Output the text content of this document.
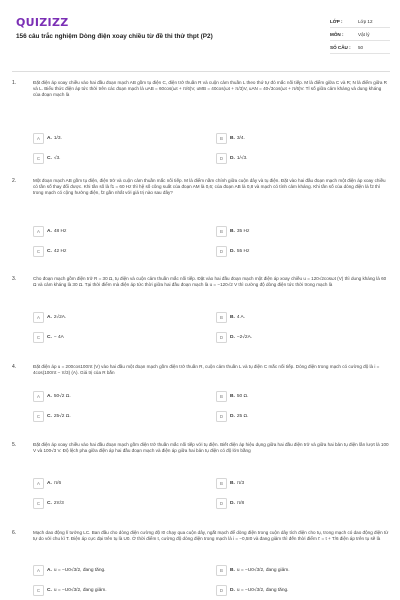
QUIZIZZ
156 câu trắc nghiệm Dòng điện xoay chiều từ đề thi thử thpt (P2)
LỚP :	Lớp 12
MÔN :	Vật lý
SỐ CÂU :	50
1.	Đặt điện áp xoay chiều vào hai đầu đoạn mạch AB gồm tụ điện C, điện trở thuần R và cuộn cảm thuần L theo thứ tự đó mắc nối tiếp. M là điểm giữa C và R; N là điểm giữa R và L. Biểu thức điện áp tức thời trên các đoạn mạch là uAB = 60cos(ωt + π/6)V, uMB = 40cos(ωt + π/3)V, uAN = 40√3cos(ωt + π/6)V. Tỉ số giữa cảm kháng và dung kháng của đoạn mạch là
A	A. 1/3.	B	B. 3/4.
C	C. √3.	D	D. 1/√3.
2.	Một đoạn mạch AB gồm tụ điện, điện trở và cuộn cảm thuần mắc nối tiếp. M là điểm nằm chính giữa cuộn dây và tụ điện. Đặt vào hai đầu đoạn mạch một điện áp xoay chiều có tần số thay đổi được. Khi tần số là f1 = 60 Hz thì hệ số công suất của đoạn AM là 0,6; của đoạn AB là 0,8 và mạch có tính cảm kháng. Khi tần số của dòng điện là f2 thì trong mạch có cộng hưởng điện, f2 gần nhất với giá trị nào sau đây?
A	A. 48 Hz	B	B. 35 Hz
C	C. 42 Hz	D	D. 55 Hz
3.	Cho đoạn mạch gồm điện trở R = 30 Ω, tụ điện và cuộn cảm thuần mắc nối tiếp. Đặt vào hai đầu đoạn mạch một điện áp xoay chiều u = 120√2cosωt (V) thì dung kháng là 60 Ω và cảm kháng là 30 Ω. Tại thời điểm mà điện áp tức thời giữa hai đầu đoạn mạch là u = −120√2 V thì cường độ dòng điện tức thời trong mạch là
A	A. 2√2A.	B	B. 4 A.
C	C. − 4A	D	D. −2√2A.
4.	Đặt điện áp u = 200cos100πt (V) vào hai đầu một đoạn mạch gồm điện trở thuần R, cuộn cảm thuần L và tụ điện C mắc nối tiếp. Dòng điện trong mạch có cường độ là i = 4cos(100πt − π/3) (A). Giá trị của R bằn
A	A. 50√2 Ω.	B	B. 50 Ω.
C	C. 25√2 Ω.	D	D. 25 Ω.
5.	Đặt điện áp xoay chiều vào hai đầu đoạn mạch gồm điện trở thuần mắc nối tiếp với tụ điện. Biết điện áp hiệu dụng giữa hai đầu điện trở và giữa hai bản tụ điện lần lượt là 100 V và 100√3 V. Độ lệch pha giữa điện áp hai đầu đoạn mạch và điện áp giữa hai bản tụ điện có độ lớn bằng
A	A. π/6	B	B. π/3
C	C. 2π/3	D	D. π/8
6.	Mạch dao động lí tưởng LC. Ban đầu cho dòng điện cường độ I0 chạy qua cuộn dây, ngắt mạch để dòng điện trong cuộn dây tích điện cho tụ, trong mạch có dao động điện từ tự do với chu kì T. Điện áp cực đại trên tụ là U0. Ở thời điểm t, cường độ dòng điện trong mạch là i = −0,5I0 và đang giảm thì đến thời điểm t' = t + T/6 điện áp trên tụ sẽ là
A	A. u = −U0√3/2, đang tăng.	B	B. u = −U0√3/2, đang giảm.
C	C. u = −U0√3/2, đang giảm.	D	D. u = −U0√3/2, đang tăng.
